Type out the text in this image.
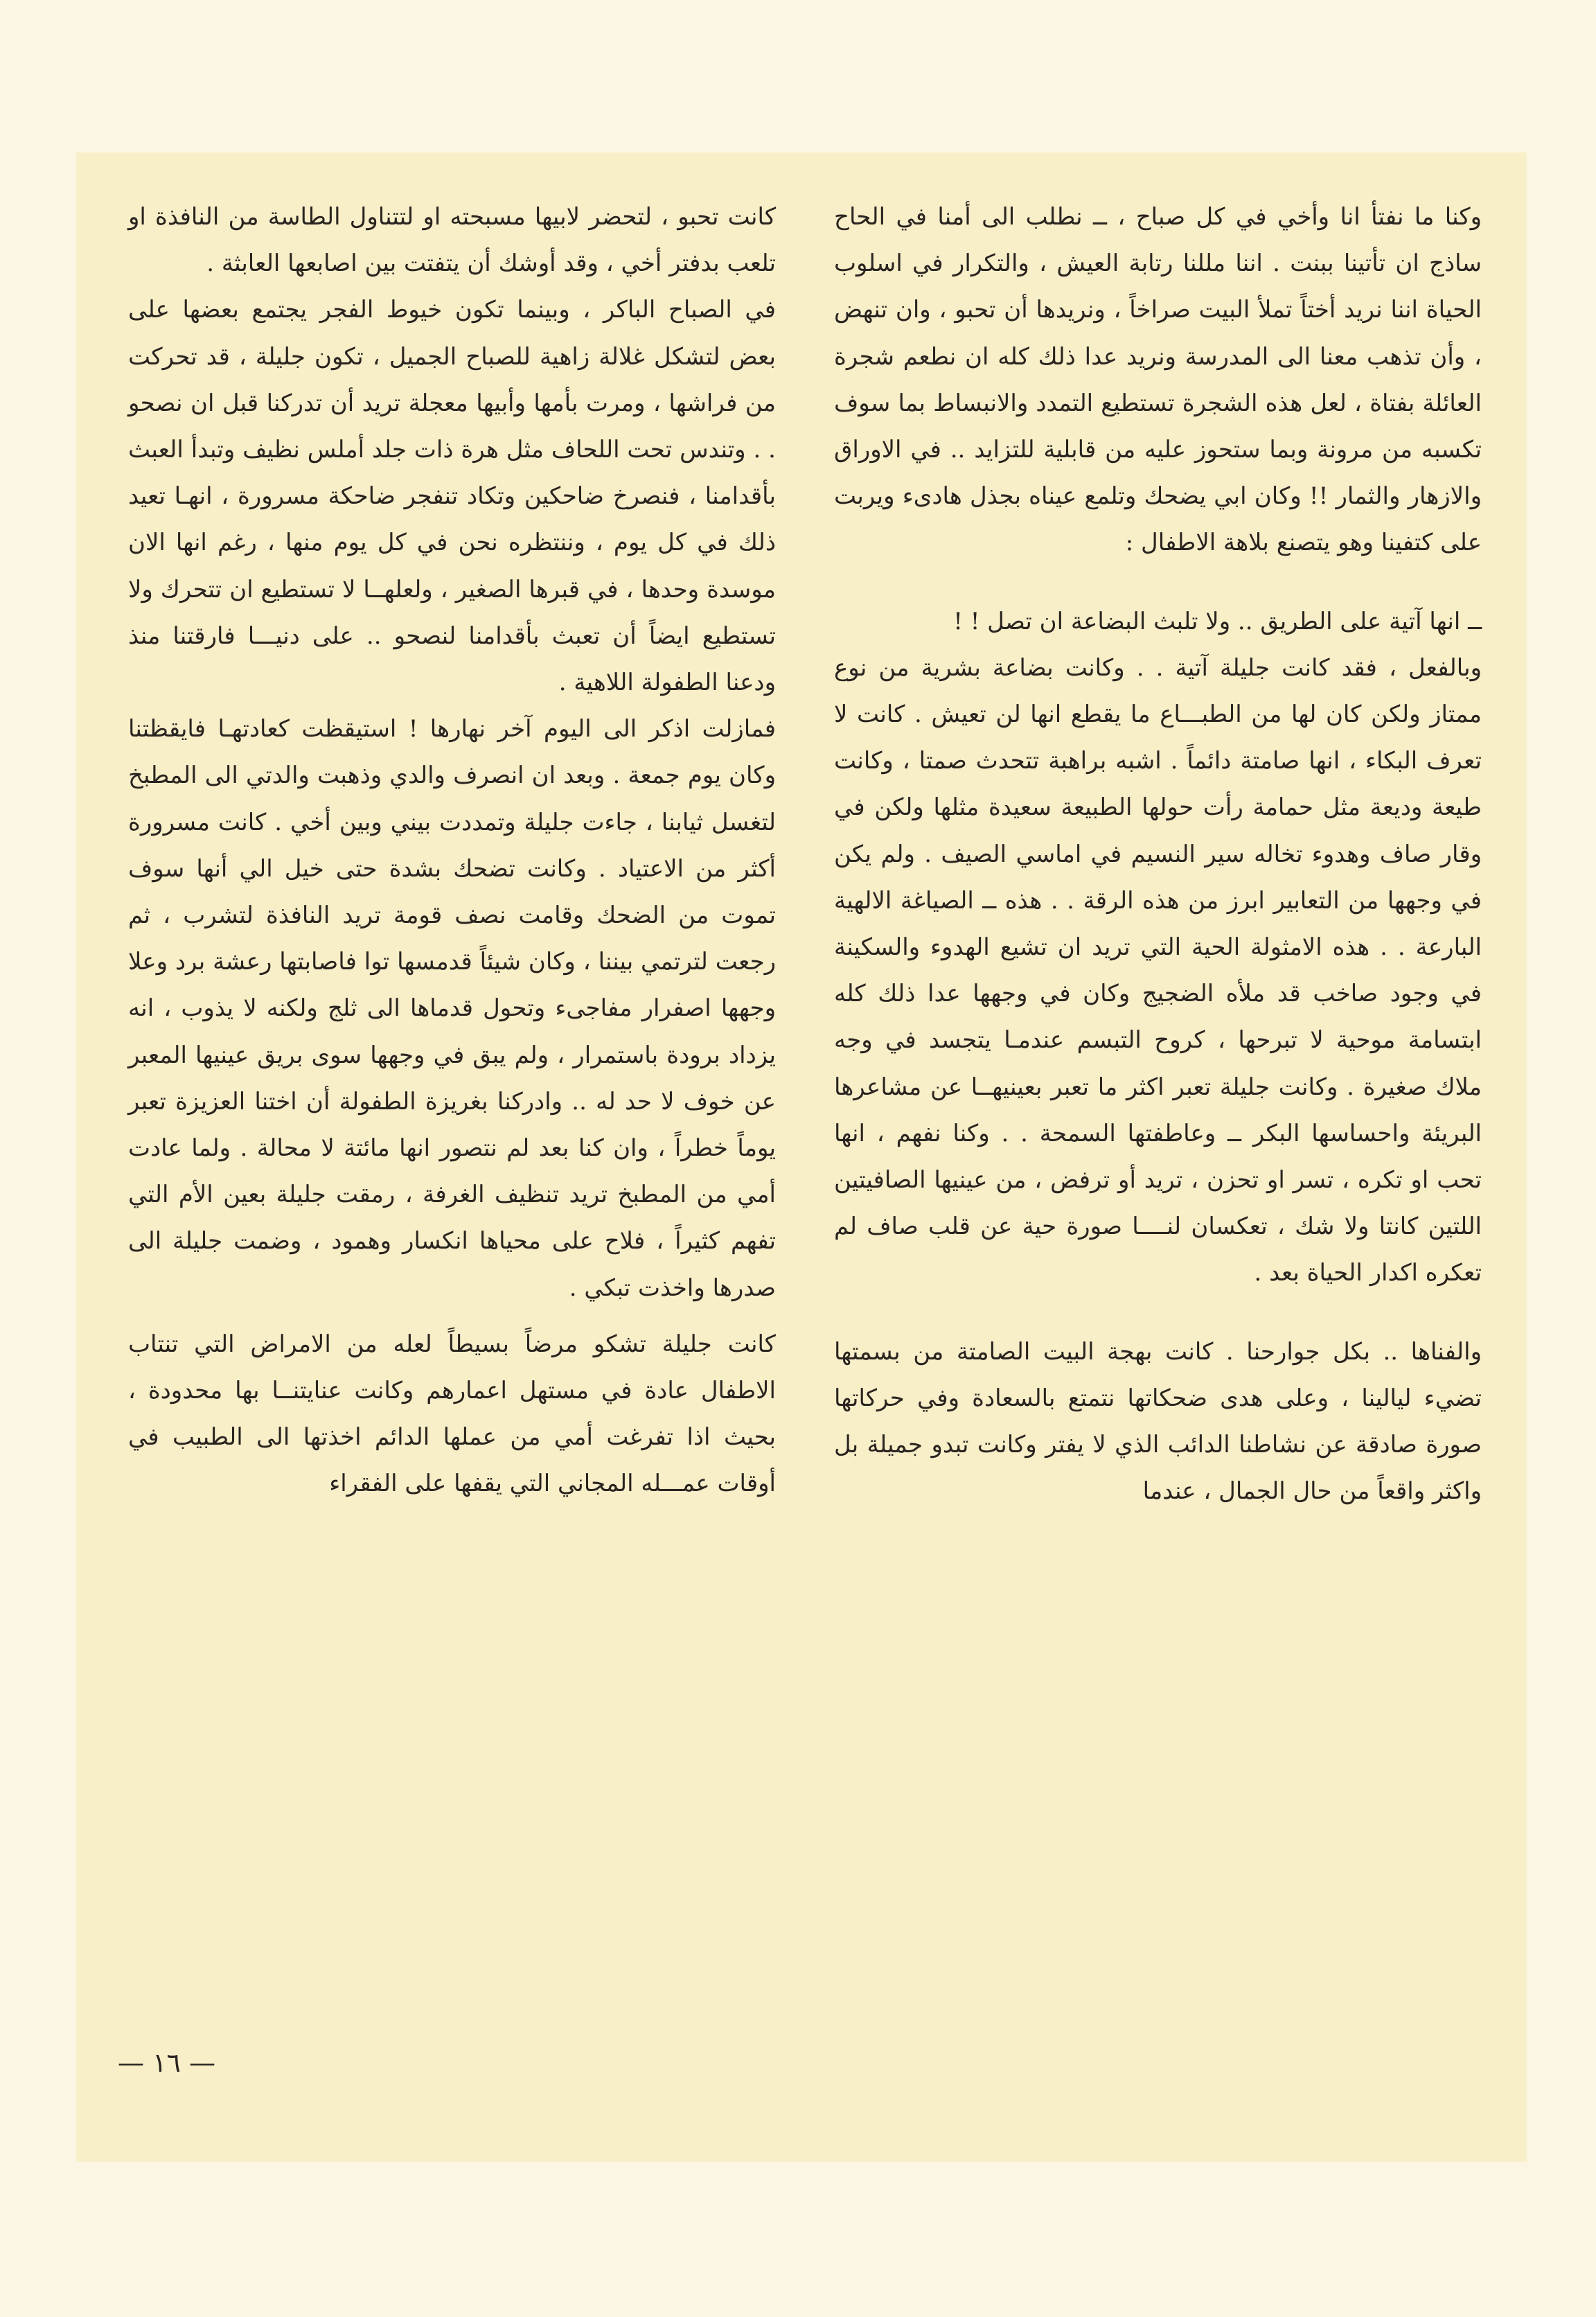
وكنا ما نفتأ انا وأخي في كل صباح ، ــ نطلب الى أمنا في الحاح ساذج ان تأتينا ببنت . اننا مللنا رتابة العيش ، والتكرار في اسلوب الحياة اننا نريد أختاً تملأ البيت صراخاً ، ونريدها أن تحبو ، وان تنهض ، وأن تذهب معنا الى المدرسة ونريد عدا ذلك كله ان نطعم شجرة العائلة بفتاة ، لعل هذه الشجرة تستطيع التمدد والانبساط بما سوف تكسبه من مرونة وبما ستحوز عليه من قابلية للتزايد .. في الاوراق والازهار والثمار !! وكان ابي يضحك وتلمع عيناه بجذل هادىء ويربت على كتفينا وهو يتصنع بلاهة الاطفال :

ــ انها آتية على الطريق .. ولا تلبث البضاعة ان تصل ! !

وبالفعل ، فقد كانت جليلة آتية . . وكانت بضاعة بشرية من نوع ممتاز ولكن كان لها من الطبـــاع ما يقطع انها لن تعيش . كانت لا تعرف البكاء ، انها صامتة دائماً . اشبه براهبة تتحدث صمتا ، وكانت طيعة وديعة مثل حمامة رأت حولها الطبيعة سعيدة مثلها ولكن في وقار صاف وهدوء تخاله سير النسيم في اماسي الصيف . ولم يكن في وجهها من التعابير ابرز من هذه الرقة . . هذه ــ الصياغة الالهية البارعة . . هذه الامثولة الحية التي تريد ان تشيع الهدوء والسكينة في وجود صاخب قد ملأه الضجيج وكان في وجهها عدا ذلك كله ابتسامة موحية لا تبرحها ، كروح التبسم عندمـا يتجسد في وجه ملاك صغيرة . وكانت جليلة تعبر اكثر ما تعبر بعينيهــا عن مشاعرها البريئة واحساسها البكر ــ وعاطفتها السمحة . . وكنا نفهم ، انها تحب او تكره ، تسر او تحزن ، تريد أو ترفض ، من عينيها الصافيتين اللتين كانتا ولا شك ، تعكسان لنــــا صورة حية عن قلب صاف لم تعكره اكدار الحياة بعد .

والفناها .. بكل جوارحنا . كانت بهجة البيت الصامتة من بسمتها تضيء ليالينا ، وعلى هدى ضحكاتها نتمتع بالسعادة وفي حركاتها صورة صادقة عن نشاطنا الدائب الذي لا يفتر وكانت تبدو جميلة بل واكثر واقعاً من حال الجمال ، عندما

كانت تحبو ، لتحضر لابيها مسبحته او لتتناول الطاسة من النافذة او تلعب بدفتر أخي ، وقد أوشك أن يتفتت بين اصابعها العابثة .

في الصباح الباكر ، وبينما تكون خيوط الفجر يجتمع بعضها على بعض لتشكل غلالة زاهية للصباح الجميل ، تكون جليلة ، قد تحركت من فراشها ، ومرت بأمها وأبيها معجلة تريد أن تدركنا قبل ان نصحو . . وتندس تحت اللحاف مثل هرة ذات جلد أملس نظيف وتبدأ العبث بأقدامنا ، فنصرخ ضاحكين وتكاد تنفجر ضاحكة مسرورة ، انهـا تعيد ذلك في كل يوم ، وننتظره نحن في كل يوم منها ، رغم انها الان موسدة وحدها ، في قبرها الصغير ، ولعلهــا لا تستطيع ان تتحرك ولا تستطيع ايضاً أن تعبث بأقدامنا لنصحو .. على دنيـــا فارقتنا منذ ودعنا الطفولة اللاهية .

فمازلت اذكر الى اليوم آخر نهارها ! استيقظت كعادتهـا فايقظتنا وكان يوم جمعة . وبعد ان انصرف والدي وذهبت والدتي الى المطبخ لتغسل ثيابنا ، جاءت جليلة وتمددت بيني وبين أخي . كانت مسرورة أكثر من الاعتياد . وكانت تضحك بشدة حتى خيل الي أنها سوف تموت من الضحك وقامت نصف قومة تريد النافذة لتشرب ، ثم رجعت لترتمي بيننا ، وكان شيئاً قدمسها توا فاصابتها رعشة برد وعلا وجهها اصفرار مفاجىء وتحول قدماها الى ثلج ولكنه لا يذوب ، انه يزداد برودة باستمرار ، ولم يبق في وجهها سوى بريق عينيها المعبر عن خوف لا حد له .. وادركنا بغريزة الطفولة أن اختنا العزيزة تعبر يوماً خطراً ، وان كنا بعد لم نتصور انها مائتة لا محالة . ولما عادت أمي من المطبخ تريد تنظيف الغرفة ، رمقت جليلة بعين الأم التي تفهم كثيراً ، فلاح على محياها انكسار وهمود ، وضمت جليلة الى صدرها واخذت تبكي .

كانت جليلة تشكو مرضاً بسيطاً لعله من الامراض التي تنتاب الاطفال عادة في مستهل اعمارهم وكانت عنايتنــا بها محدودة ، بحيث اذا تفرغت أمي من عملها الدائم اخذتها الى الطبيب في أوقات عمـــله المجاني التي يقفها على الفقراء

— ١٦ —
